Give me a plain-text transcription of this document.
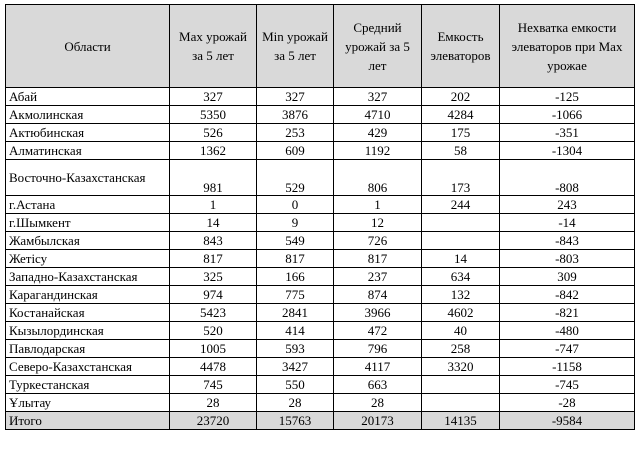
Области	Max урожай за 5 лет	Min урожай за 5 лет	Средний урожай за 5 лет	Емкость элеваторов	Нехватка емкости элеваторов при Max урожае
Абай	327	327	327	202	-125
Акмолинская	5350	3876	4710	4284	-1066
Актюбинская	526	253	429	175	-351
Алматинская	1362	609	1192	58	-1304
Восточно-Казахстанская	981	529	806	173	-808
г.Астана	1	0	1	244	243
г.Шымкент	14	9	12		-14
Жамбылская	843	549	726		-843
Жетісу	817	817	817	14	-803
Западно-Казахстанская	325	166	237	634	309
Карагандинская	974	775	874	132	-842
Костанайская	5423	2841	3966	4602	-821
Кызылординская	520	414	472	40	-480
Павлодарская	1005	593	796	258	-747
Северо-Казахстанская	4478	3427	4117	3320	-1158
Туркестанская	745	550	663		-745
Ұлытау	28	28	28		-28
Итого	23720	15763	20173	14135	-9584
